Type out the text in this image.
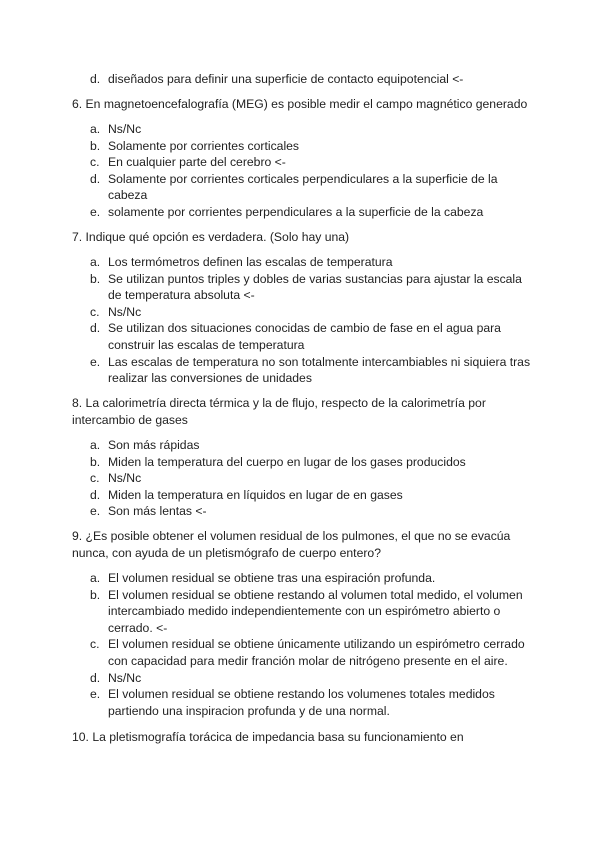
d. diseñados para definir una superficie de contacto equipotencial <-

6. En magnetoencefalografía (MEG) es posible medir el campo magnético generado

a. Ns/Nc
b. Solamente por corrientes corticales
c. En cualquier parte del cerebro <-
d. Solamente por corrientes corticales perpendiculares a la superficie de la cabeza
e. solamente por corrientes perpendiculares a la superficie de la cabeza

7. Indique qué opción es verdadera. (Solo hay una)

a. Los termómetros definen las escalas de temperatura
b. Se utilizan puntos triples y dobles de varias sustancias para ajustar la escala de temperatura absoluta <-
c. Ns/Nc
d. Se utilizan dos situaciones conocidas de cambio de fase en el agua para construir las escalas de temperatura
e. Las escalas de temperatura no son totalmente intercambiables ni siquiera tras realizar las conversiones de unidades

8. La calorimetría directa térmica y la de flujo, respecto de la calorimetría por intercambio de gases

a. Son más rápidas
b. Miden la temperatura del cuerpo en lugar de los gases producidos
c. Ns/Nc
d. Miden la temperatura en líquidos en lugar de en gases
e. Son más lentas <-

9. ¿Es posible obtener el volumen residual de los pulmones, el que no se evacúa nunca, con ayuda de un pletismógrafo de cuerpo entero?

a. El volumen residual se obtiene tras una espiración profunda.
b. El volumen residual se obtiene restando al volumen total medido, el volumen intercambiado medido independientemente con un espirómetro abierto o cerrado. <-
c. El volumen residual se obtiene únicamente utilizando un espirómetro cerrado con capacidad para medir franción molar de nitrógeno presente en el aire.
d. Ns/Nc
e. El volumen residual se obtiene restando los volumenes totales medidos partiendo una inspiracion profunda y de una normal.

10. La pletismografía torácica de impedancia basa su funcionamiento en
